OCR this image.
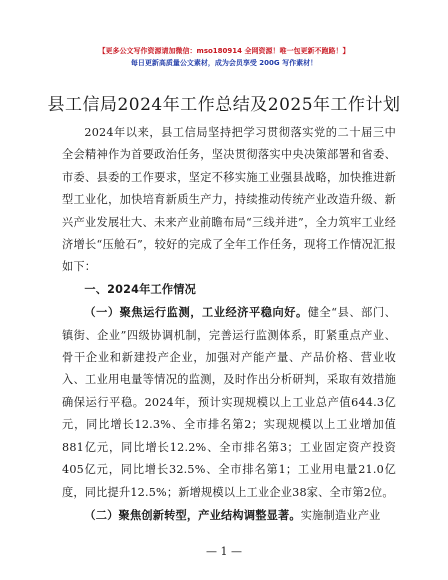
【更多公文写作资源请加微信：mso180914 全网资源！唯一包更新不跑路！】
每日更新高质量公文素材，成为会员享受 200G 写作素材！
县工信局2024年工作总结及2025年工作计划

2024年以来，县工信局坚持把学习贯彻落实党的二十届三中全会精神作为首要政治任务，坚决贯彻落实中央决策部署和省委、市委、县委的工作要求，坚定不移实施工业强县战略，加快推进新型工业化，加快培育新质生产力，持续推动传统产业改造升级、新兴产业发展壮大、未来产业前瞻布局“三线并进”，全力筑牢工业经济增长“压舱石”，较好的完成了全年工作任务，现将工作情况汇报如下：

一、2024年工作情况

（一）聚焦运行监测，工业经济平稳向好。健全“县、部门、镇街、企业”四级协调机制，完善运行监测体系，盯紧重点产业、骨干企业和新建投产企业，加强对产能产量、产品价格、营业收入、工业用电量等情况的监测，及时作出分析研判，采取有效措施确保运行平稳。2024年，预计实现规模以上工业总产值644.3亿元，同比增长12.3%、全市排名第2；实现规模以上工业增加值881亿元，同比增长12.2%、全市排名第3；工业固定资产投资405亿元，同比增长32.5%、全市排名第1；工业用电量21.0亿度，同比提升12.5%；新增规模以上工业企业38家、全市第2位。

（二）聚焦创新转型，产业结构调整显著。实施制造业产业

— 1 —
